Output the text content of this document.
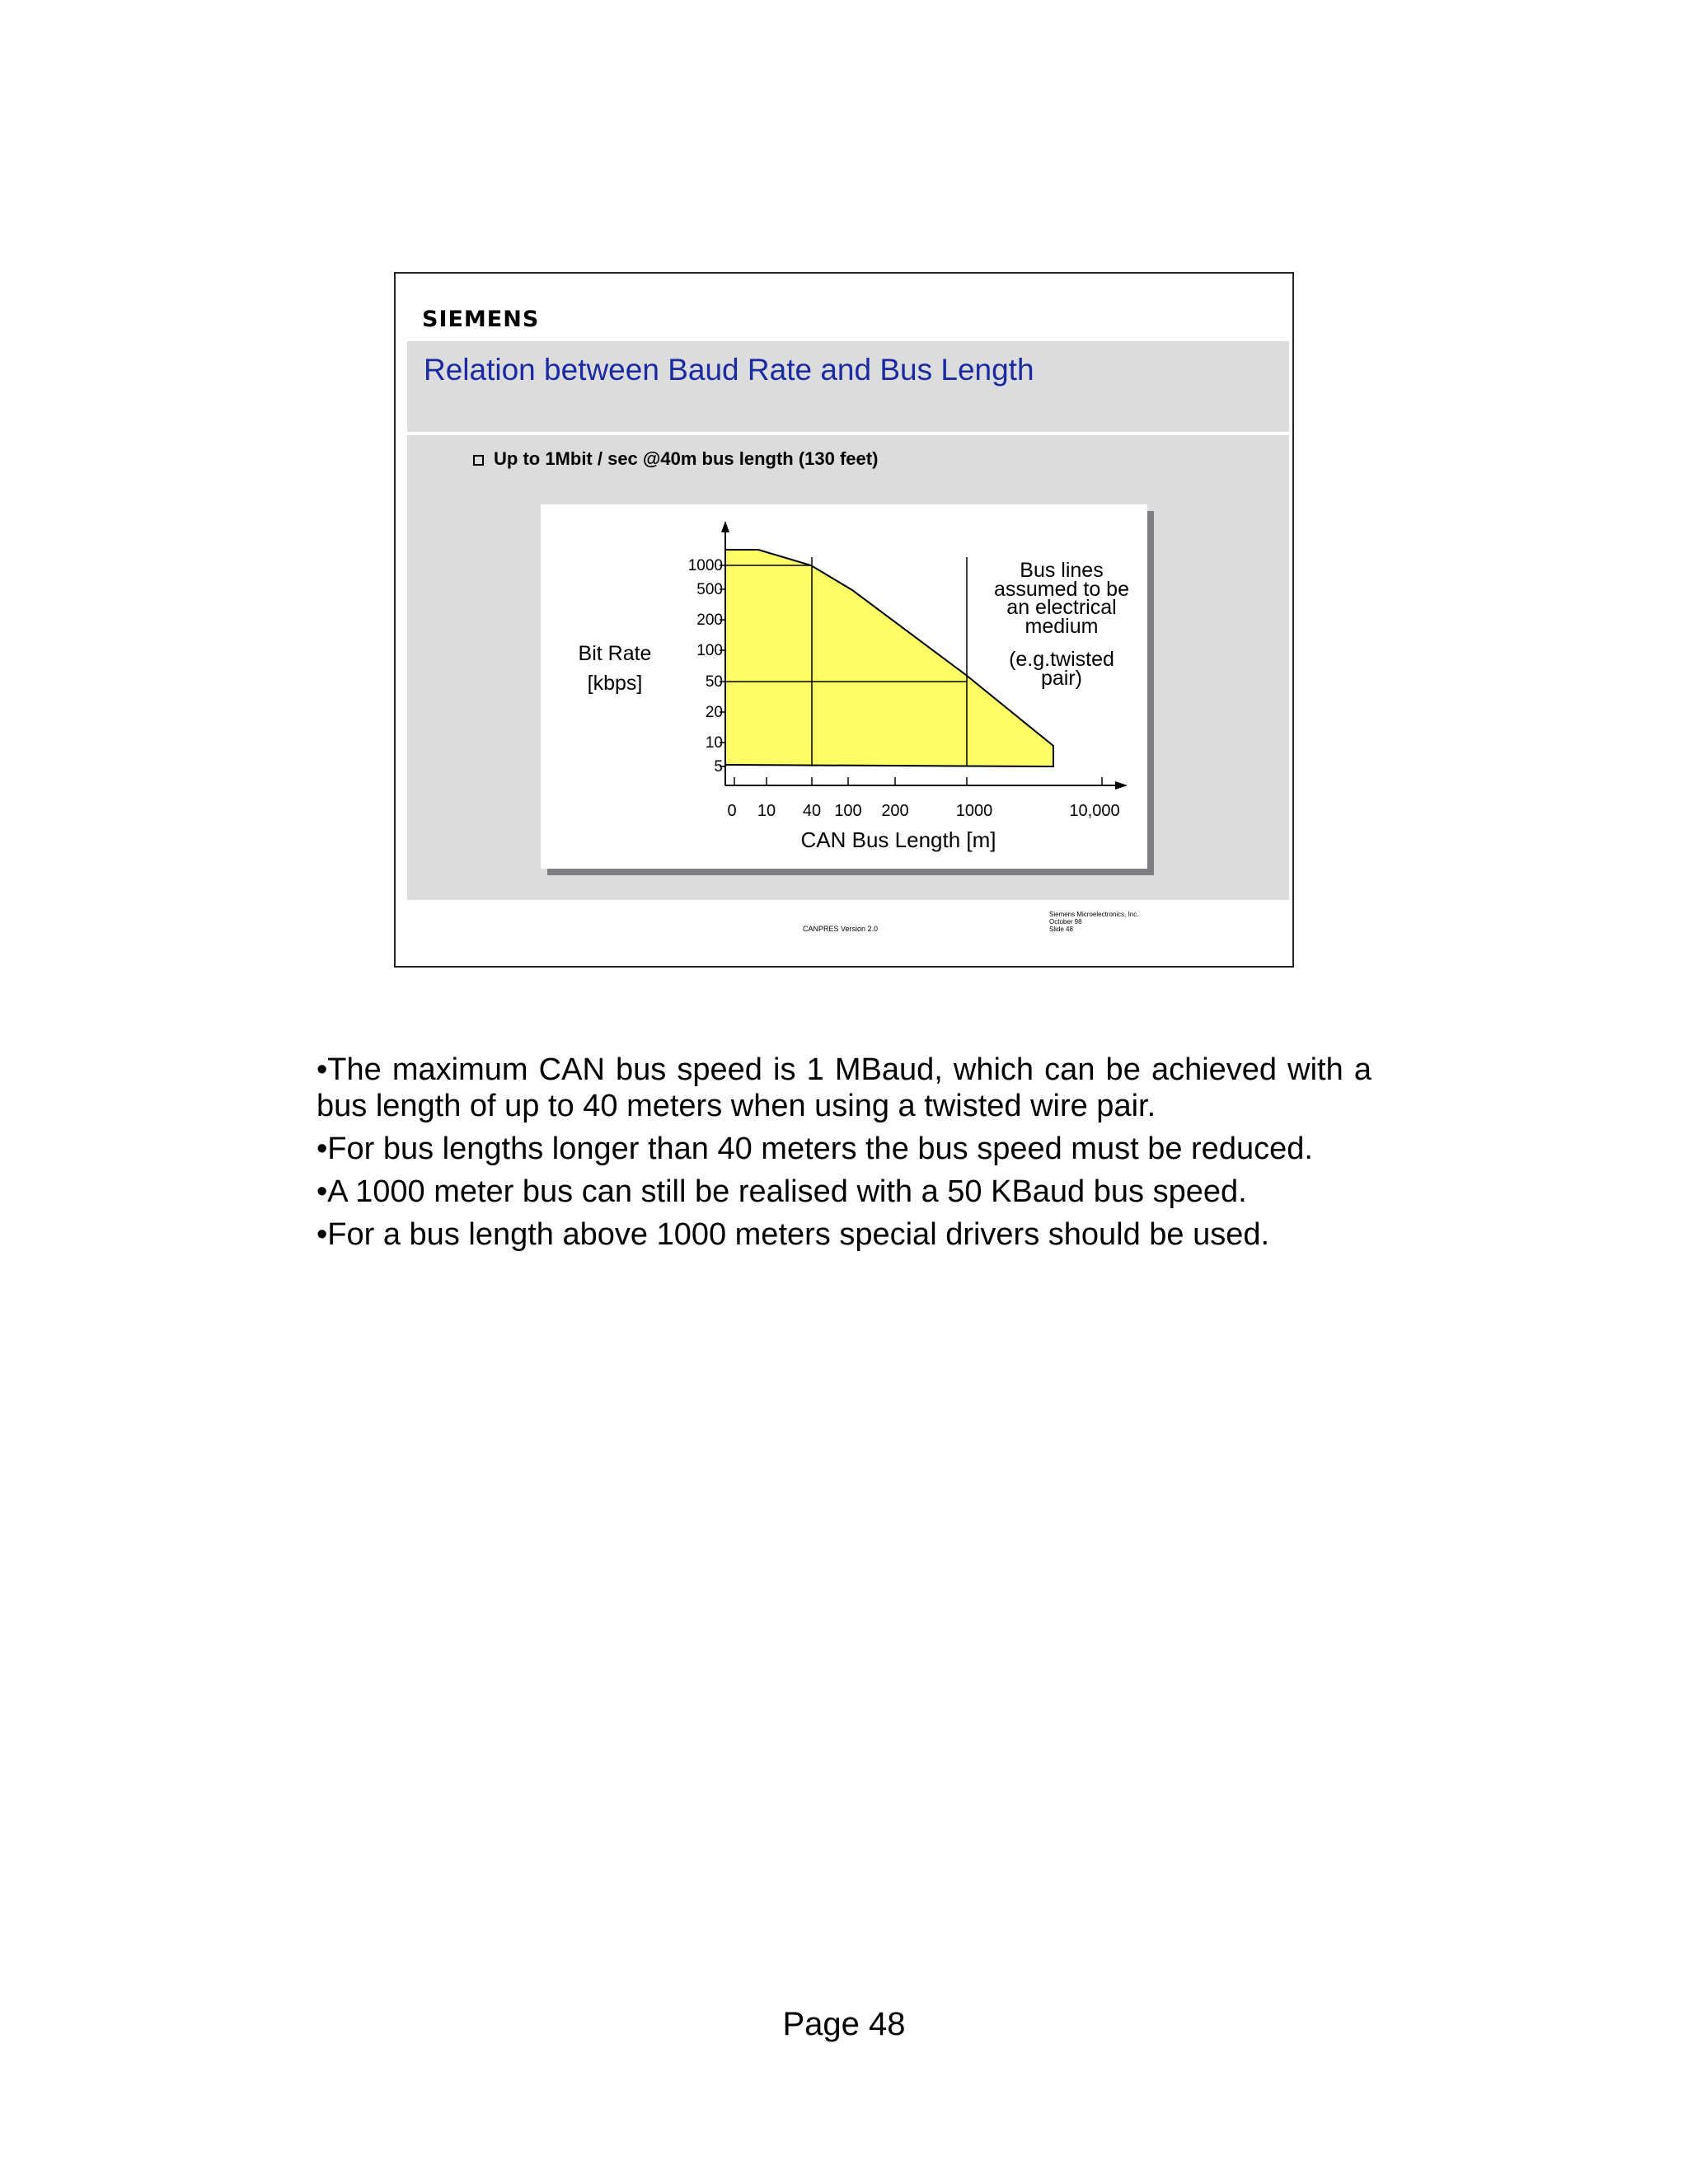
SIEMENS
Relation between Baud Rate and Bus Length
Up to 1Mbit / sec @40m bus length (130 feet)
1000
500
200
100
50
20
10
5
0 10 40 100 200	1000	10,000
CAN Bus Length [m]
Bit Rate
[kbps]
Bus lines
assumed to be
an electrical
medium
(e.g.twisted
pair)
CANPRES Version 2.0
Siemens Microelectronics, Inc.
October 98
Slide 48

•The maximum CAN bus speed is 1 MBaud, which can be achieved with a bus length of up to 40 meters when using a twisted wire pair.

•For bus lengths longer than 40 meters the bus speed must be reduced.

•A 1000 meter bus can still be realised with a 50 KBaud bus speed.

•For a bus length above 1000 meters special drivers should be used.

Page 48
